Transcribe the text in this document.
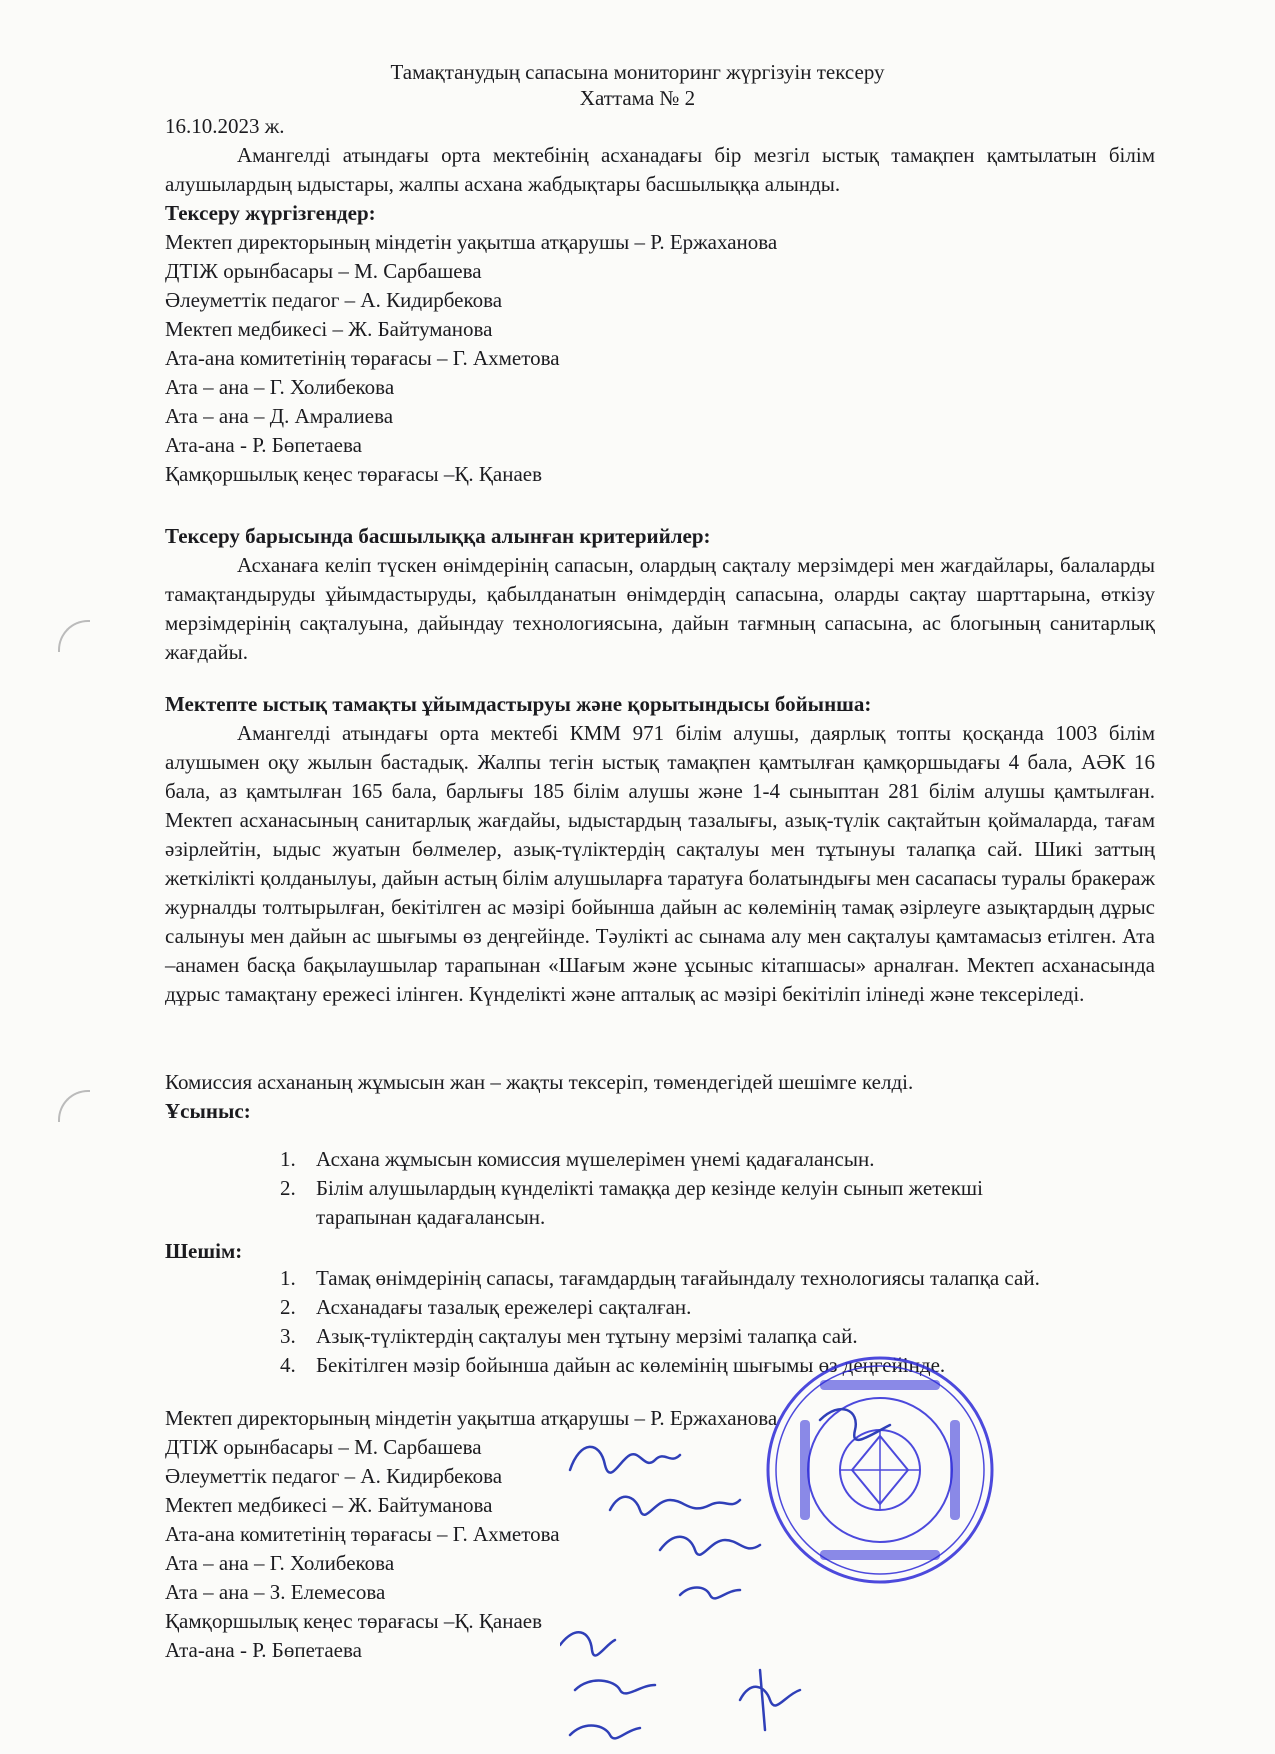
Тамақтанудың сапасына мониторинг жүргізуін тексеру
Хаттама № 2
16.10.2023 ж.
Амангелді атындағы орта мектебінің асханадағы бір мезгіл ыстық тамақпен қамтылатын білім алушылардың ыдыстары, жалпы асхана жабдықтары басшылыққа алынды.
Тексеру жүргізгендер:
Мектеп директорының міндетін уақытша атқарушы – Р. Ержаханова
ДТІЖ орынбасары – М. Сарбашева
Әлеуметтік педагог – А. Кидирбекова
Мектеп медбикесі – Ж. Байтуманова
Ата-ана комитетінің төрағасы – Г. Ахметова
Ата – ана – Г. Холибекова
Ата – ана – Д. Амралиева
Ата-ана - Р. Бөпетаева
Қамқоршылық кеңес төрағасы –Қ. Қанаев
Тексеру барысында басшылыққа алынған критерийлер:
Асханаға келіп түскен өнімдерінің сапасын, олардың сақталу мерзімдері мен жағдайлары, балаларды тамақтандыруды ұйымдастыруды, қабылданатын өнімдердің сапасына, оларды сақтау шарттарына, өткізу мерзімдерінің сақталуына, дайындау технологиясына, дайын тағмның сапасына, ас блогының санитарлық жағдайы.
Мектепте ыстық тамақты ұйымдастыруы және қорытындысы бойынша:
Амангелді атындағы орта мектебі КММ 971 білім алушы, даярлық топты қосқанда 1003 білім алушымен оқу жылын бастадық. Жалпы тегін ыстық тамақпен қамтылған қамқоршыдағы 4 бала, АӘК 16 бала, аз қамтылған 165 бала, барлығы 185 білім алушы және 1-4 сыныптан 281 білім алушы қамтылған. Мектеп асханасының санитарлық жағдайы, ыдыстардың тазалығы, азық-түлік сақтайтын қоймаларда, тағам әзірлейтін, ыдыс жуатын бөлмелер, азық-түліктердің сақталуы мен тұтынуы талапқа сай. Шикі заттың жеткілікті қолданылуы, дайын астың білім алушыларға таратуға болатындығы мен сасапасы туралы бракераж журналды толтырылған, бекітілген ас мәзірі бойынша дайын ас көлемінің тамақ әзірлеуге азықтардың дұрыс салынуы мен дайын ас шығымы өз деңгейінде. Тәулікті ас сынама алу мен сақталуы қамтамасыз етілген. Ата –анамен басқа бақылаушылар тарапынан «Шағым және ұсыныс кітапшасы» арналған. Мектеп асханасында дұрыс тамақтану ережесі ілінген. Күнделікті және апталық ас мәзірі бекітіліп ілінеді және тексеріледі.
Комиссия асхананың жұмысын жан – жақты тексеріп, төмендегідей шешімге келді.
Ұсыныс:
1. Асхана жұмысын комиссия мүшелерімен үнемі қадағалансын.
2. Білім алушылардың күнделікті тамаққа дер кезінде келуін сынып жетекші тарапынан қадағалансын.
Шешім:
1. Тамақ өнімдерінің сапасы, тағамдардың тағайындалу технологиясы талапқа сай.
2. Асханадағы тазалық ережелері сақталған.
3. Азық-түліктердің сақталуы мен тұтыну мерзімі талапқа сай.
4. Бекітілген мәзір бойынша дайын ас көлемінің шығымы өз деңгейінде.
Мектеп директорының міндетін уақытша атқарушы – Р. Ержаханова
ДТІЖ орынбасары – М. Сарбашева
Әлеуметтік педагог – А. Кидирбекова
Мектеп медбикесі – Ж. Байтуманова
Ата-ана комитетінің төрағасы – Г. Ахметова
Ата – ана – Г. Холибекова
Ата – ана – З. Елемесова
Қамқоршылық кеңес төрағасы –Қ. Қанаев
Ата-ана - Р. Бөпетаева
